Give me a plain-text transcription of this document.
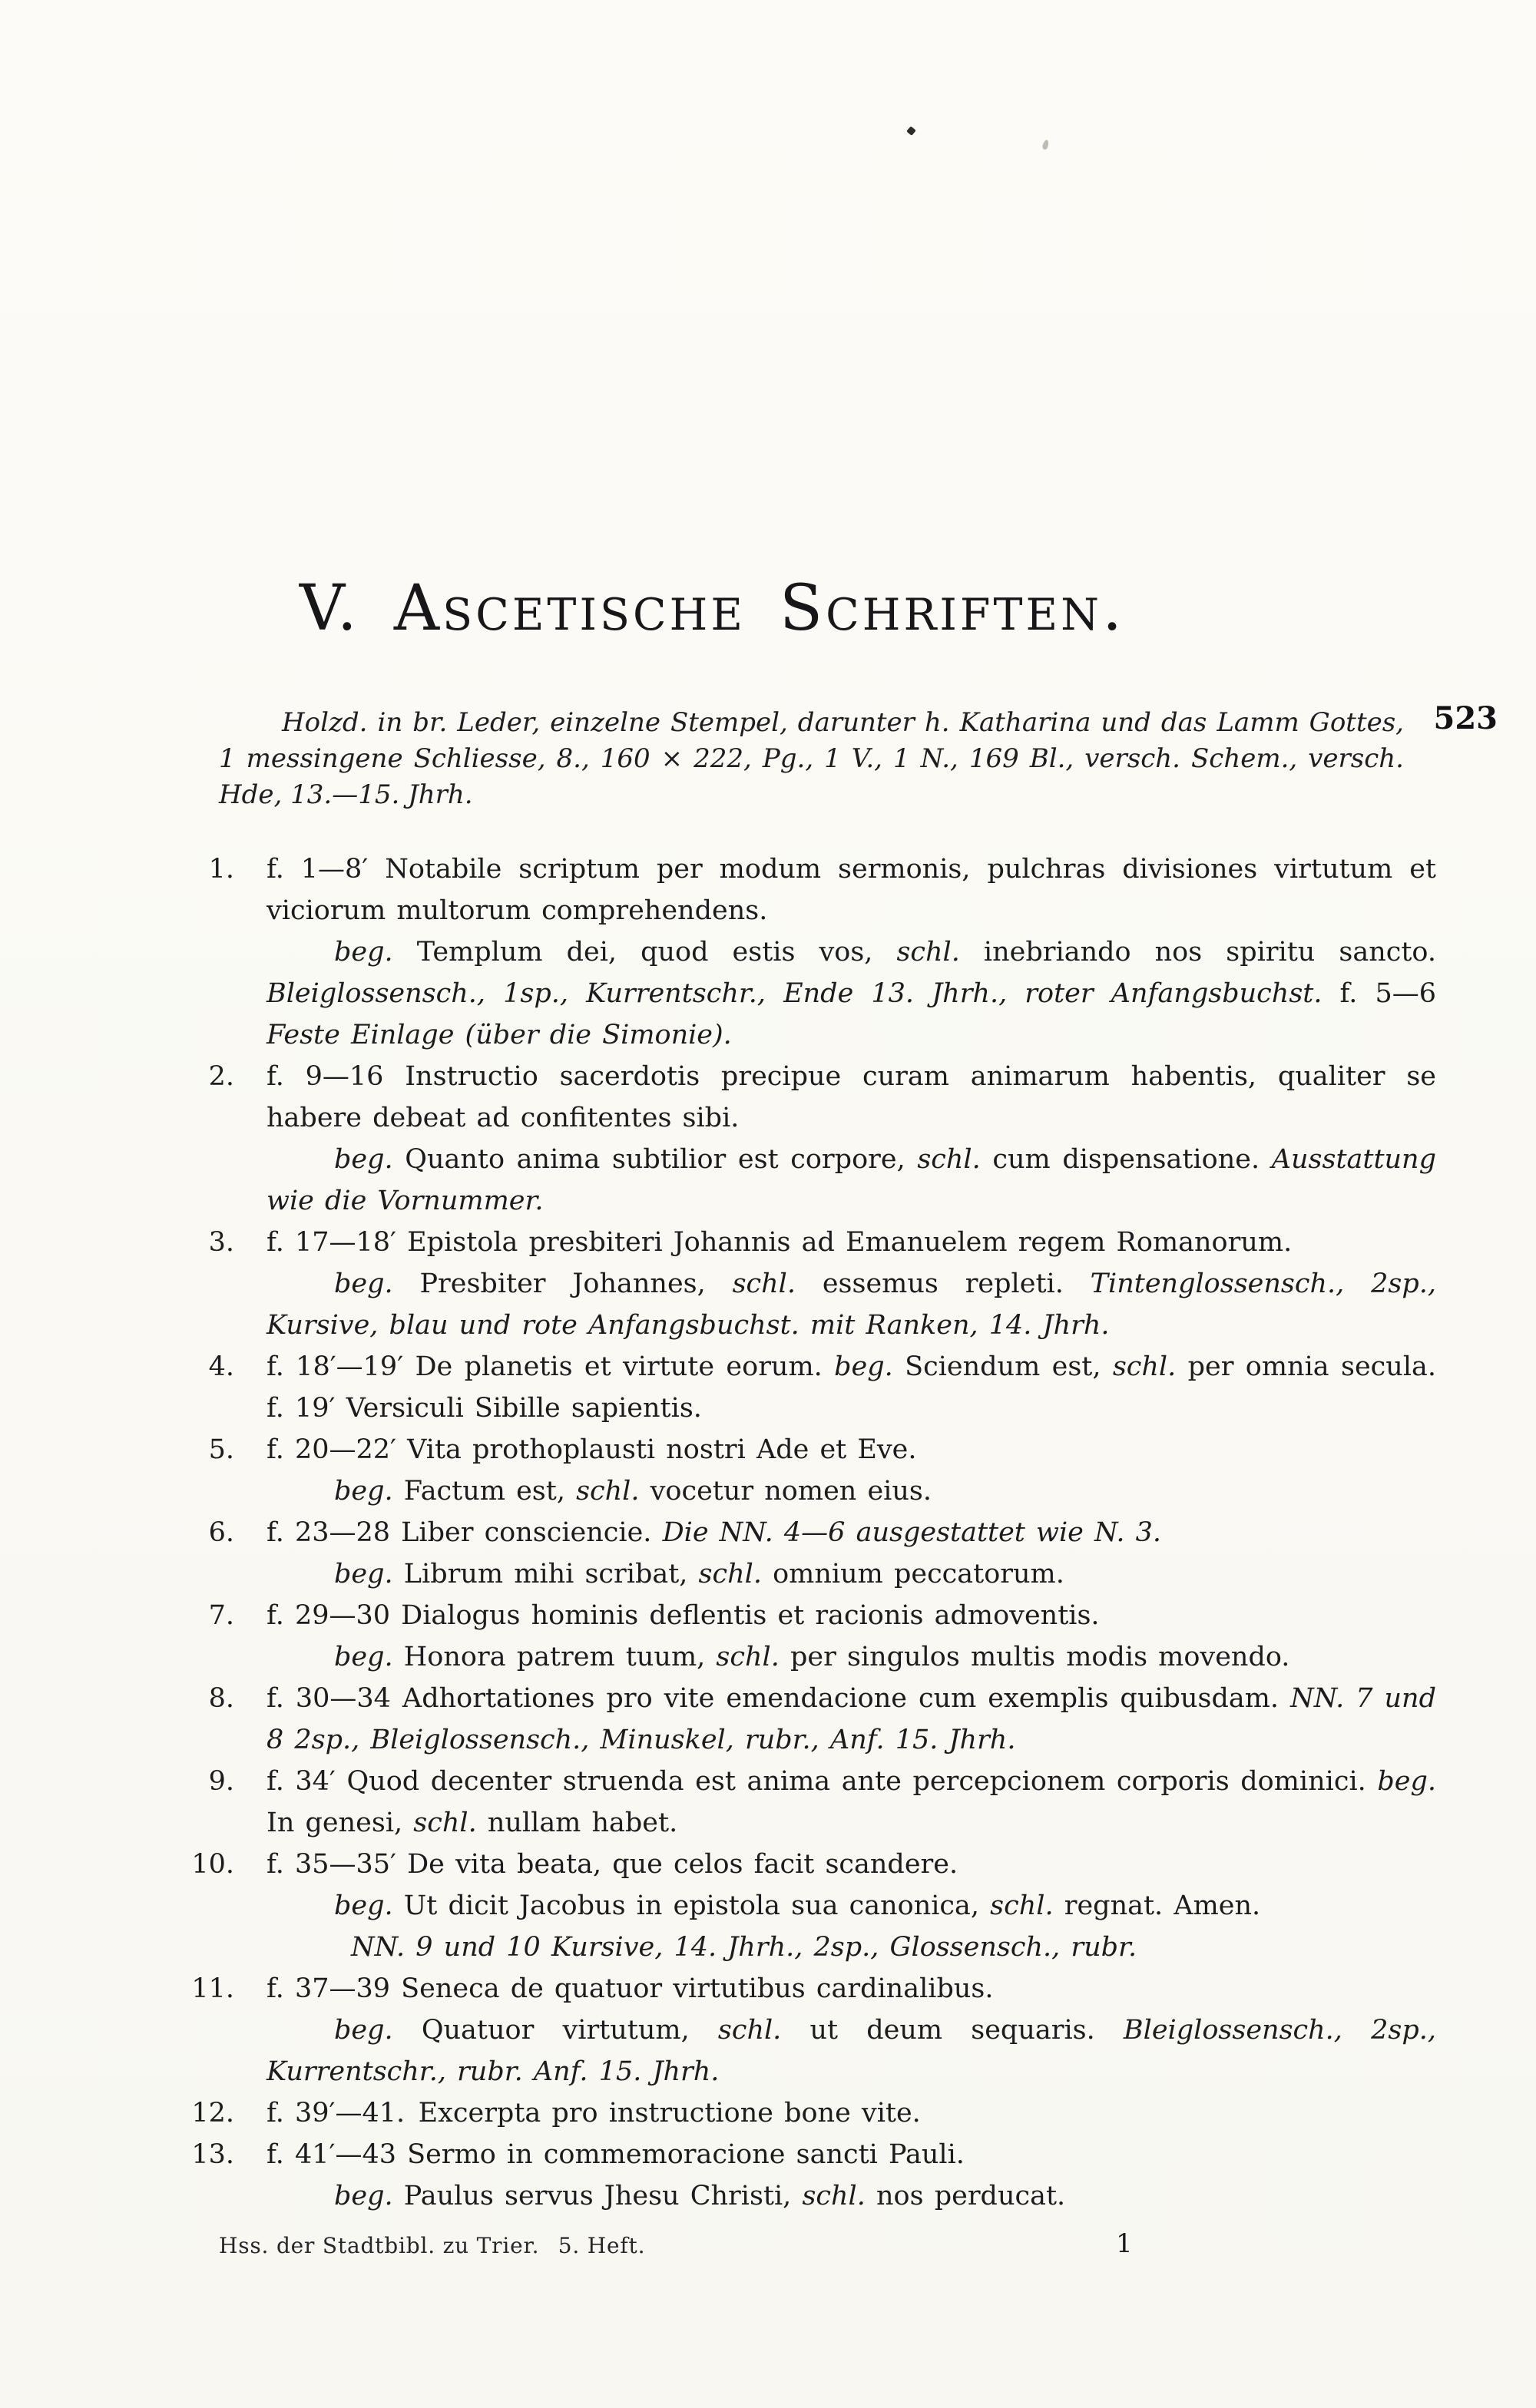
V. Ascetische Schriften.

Holzd. in br. Leder, einzelne Stempel, darunter h. Katharina und das Lamm Gottes, 1 messingene Schliesse, 8., 160 × 222, Pg., 1 V., 1 N., 169 Bl., versch. Schem., versch. Hde, 13.—15. Jhrh.

523
1. f. 1—8′ Notabile scriptum per modum sermonis, pulchras divisiones virtutum et viciorum multorum comprehendens.

beg. Templum dei, quod estis vos, schl. inebriando nos spiritu sancto. Bleiglossensch., 1sp., Kurrentschr., Ende 13. Jhrh., roter Anfangsbuchst. f. 5—6 Feste Einlage (über die Simonie).

2. f. 9—16 Instructio sacerdotis precipue curam animarum habentis, qualiter se habere debeat ad confitentes sibi.

beg. Quanto anima subtilior est corpore, schl. cum dispensatione. Ausstattung wie die Vornummer.

3. f. 17—18′ Epistola presbiteri Johannis ad Emanuelem regem Romanorum.

beg. Presbiter Johannes, schl. essemus repleti. Tintenglossensch., 2sp., Kursive, blau und rote Anfangsbuchst. mit Ranken, 14. Jhrh.

4. f. 18′—19′ De planetis et virtute eorum. beg. Sciendum est, schl. per omnia secula. f. 19′ Versiculi Sibille sapientis.

5. f. 20—22′ Vita prothoplausti nostri Ade et Eve.

beg. Factum est, schl. vocetur nomen eius.

6. f. 23—28 Liber consciencie. Die NN. 4—6 ausgestattet wie N. 3.

beg. Librum mihi scribat, schl. omnium peccatorum.

7. f. 29—30 Dialogus hominis deflentis et racionis admoventis.

beg. Honora patrem tuum, schl. per singulos multis modis movendo.

8. f. 30—34 Adhortationes pro vite emendacione cum exemplis quibusdam. NN. 7 und 8 2sp., Bleiglossensch., Minuskel, rubr., Anf. 15. Jhrh.

9. f. 34′ Quod decenter struenda est anima ante percepcionem corporis dominici. beg. In genesi, schl. nullam habet.

10. f. 35—35′ De vita beata, que celos facit scandere.

beg. Ut dicit Jacobus in epistola sua canonica, schl. regnat. Amen.

NN. 9 und 10 Kursive, 14. Jhrh., 2sp., Glossensch., rubr.

11. f. 37—39 Seneca de quatuor virtutibus cardinalibus.

beg. Quatuor virtutum, schl. ut deum sequaris. Bleiglossensch., 2sp., Kurrentschr., rubr. Anf. 15. Jhrh.

12. f. 39′—41. Excerpta pro instructione bone vite.

13. f. 41′—43 Sermo in commemoracione sancti Pauli.

beg. Paulus servus Jhesu Christi, schl. nos perducat.

Hss. der Stadtbibl. zu Trier.  5. Heft.	1
